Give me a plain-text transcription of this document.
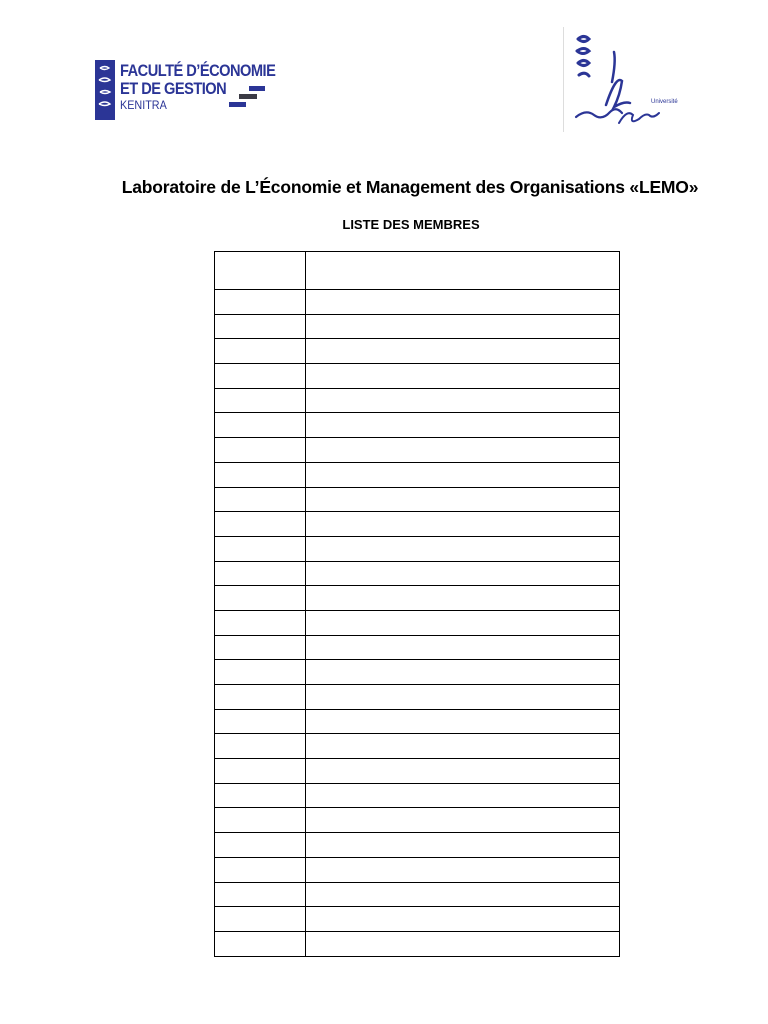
FACULTÉ D’ÉCONOMIE
ET DE GESTION
KENITRA	Université
Laboratoire de L’Économie et Management des Organisations «LEMO»
LISTE DES MEMBRES
